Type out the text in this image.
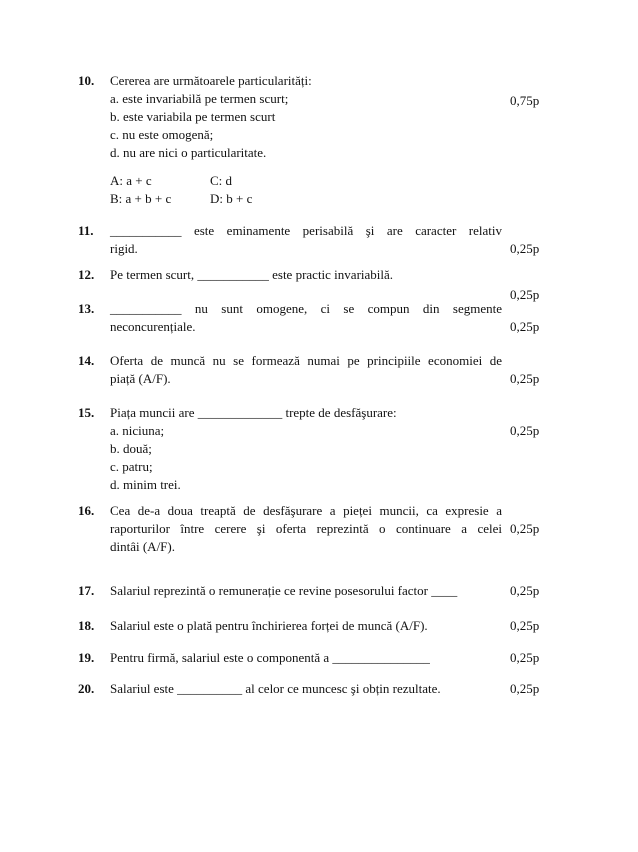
10. Cererea are următoarele particularități:
a. este invariabilă pe termen scurt;
b. este variabila pe termen scurt
c. nu este omogenă;
d. nu are nici o particularitate.
A: a + c	C: d
B: a + b + c	D: b + c
0,75p
11. ___________ este eminamente perisabilă şi are caracter relativ
rigid.	0,25p
12. Pe termen scurt, ___________ este practic invariabilă.
0,25p
13. ___________ nu sunt omogene, ci se compun din segmente
neconcurențiale.	0,25p
14. Oferta de muncă nu se formează numai pe principiile economiei de
piață (A/F).	0,25p
15. Piața muncii are _____________ trepte de desfăşurare:
a. niciuna;
b. două;
c. patru;
d. minim trei.
0,25p
16. Cea de-a doua treaptă de desfăşurare a pieței muncii, ca expresie a
raporturilor între cerere şi oferta reprezintă o continuare a celei
dintâi (A/F).
0,25p
17. Salariul reprezintă o remunerație ce revine posesorului factor ____	0,25p
18. Salariul este o plată pentru închirierea forței de muncă (A/F).	0,25p
19. Pentru firmă, salariul este o componentă a _______________	0,25p
20. Salariul este __________ al celor ce muncesc şi obțin rezultate.	0,25p
